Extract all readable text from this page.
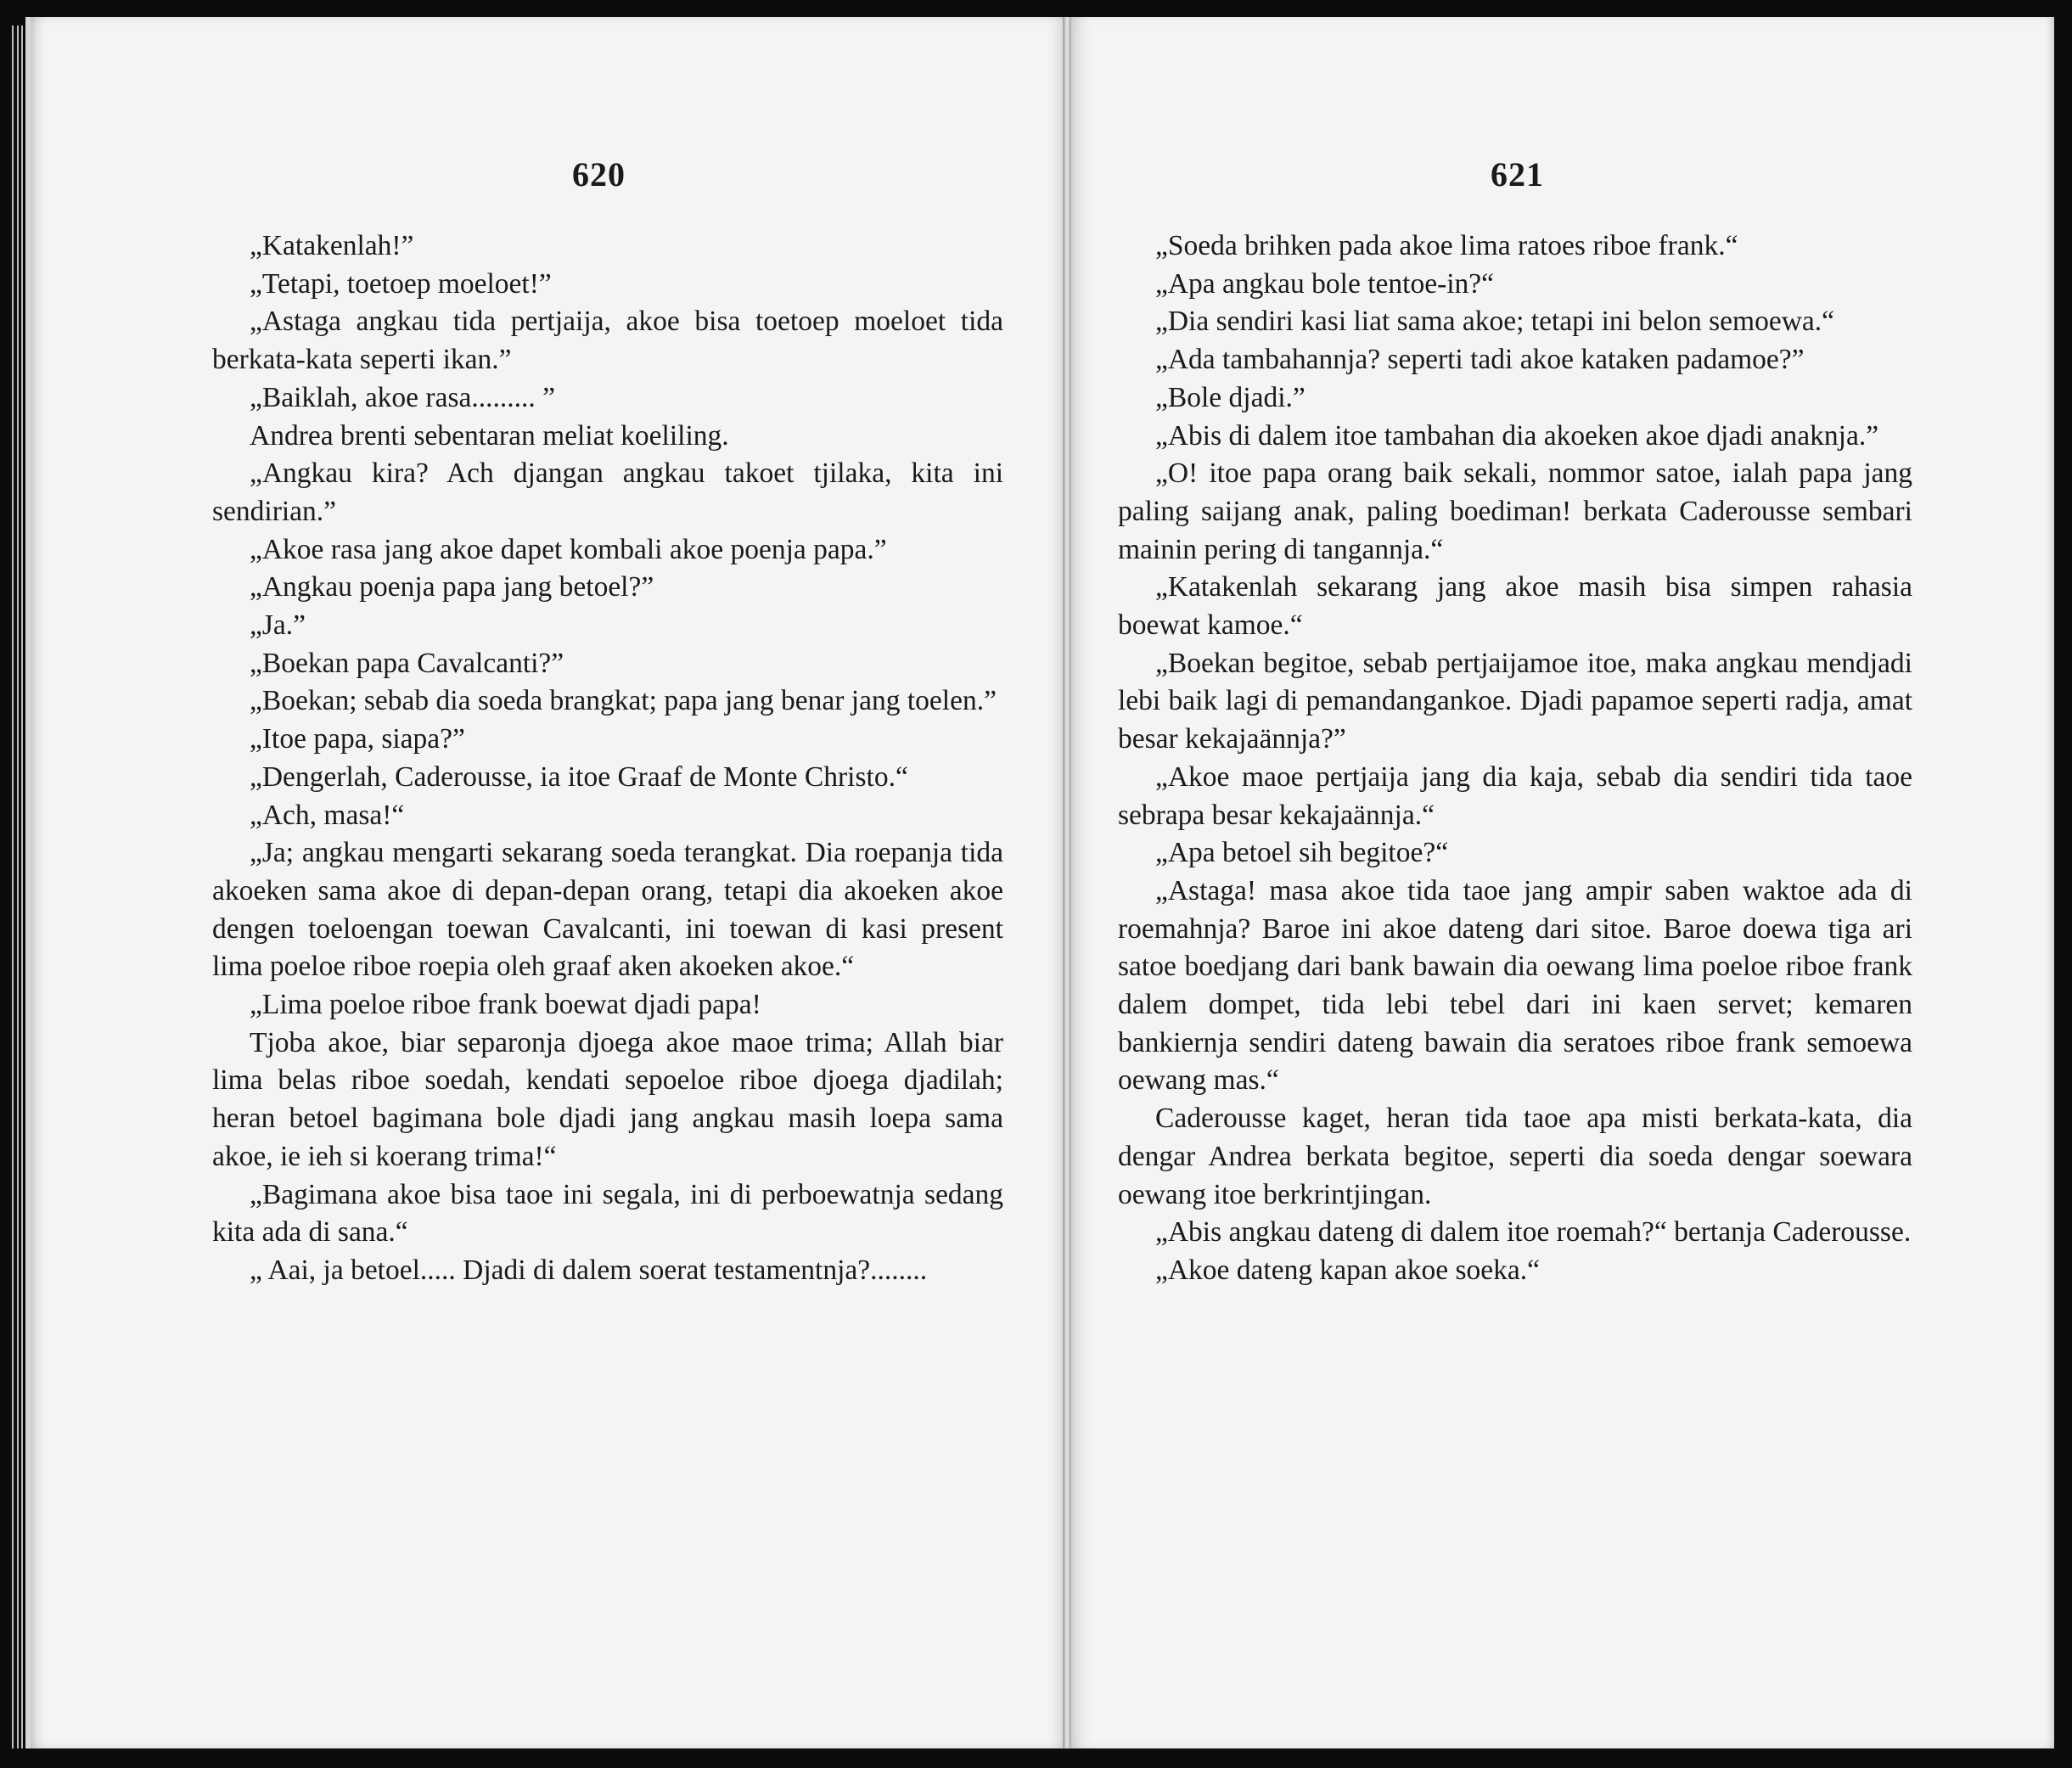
620	621

„Katakenlah!”

„Tetapi, toetoep moeloet!”

„Astaga angkau tida pertjaija, akoe bisa toetoep moeloet tida berkata-kata seperti ikan.”

„Baiklah, akoe rasa......... ”

Andrea brenti sebentaran meliat koeliling.

„Angkau kira? Ach djangan angkau takoet tjilaka, kita ini sendirian.”

„Akoe rasa jang akoe dapet kombali akoe poenja papa.”

„Angkau poenja papa jang betoel?”

„Ja.”

„Boekan papa Cavalcanti?”

„Boekan; sebab dia soeda brangkat; papa jang benar jang toelen.”

„Itoe papa, siapa?”

„Dengerlah, Caderousse, ia itoe Graaf de Monte Christo.“

„Ach, masa!“

„Ja; angkau mengarti sekarang soeda terangkat. Dia roepanja tida akoeken sama akoe di depan-depan orang, tetapi dia akoeken akoe dengen toeloengan toewan Cavalcanti, ini toewan di kasi present lima poeloe riboe roepia oleh graaf aken akoeken akoe.“

„Lima poeloe riboe frank boewat djadi papa!

Tjoba akoe, biar separonja djoega akoe maoe trima; Allah biar lima belas riboe soedah, kendati sepoeloe riboe djoega djadilah; heran betoel bagimana bole djadi jang angkau masih loepa sama akoe, ie ieh si koerang trima!“

„Bagimana akoe bisa taoe ini segala, ini di perboewatnja sedang kita ada di sana.“

„ Aai, ja betoel..... Djadi di dalem soerat testamentnja?........

„Soeda brihken pada akoe lima ratoes riboe frank.“

„Apa angkau bole tentoe-in?“

„Dia sendiri kasi liat sama akoe; tetapi ini belon semoewa.“

„Ada tambahannja? seperti tadi akoe kataken padamoe?”

„Bole djadi.”

„Abis di dalem itoe tambahan dia akoeken akoe djadi anaknja.”

„O! itoe papa orang baik sekali, nommor satoe, ialah papa jang paling saijang anak, paling boediman! berkata Caderousse sembari mainin pering di tangannja.“

„Katakenlah sekarang jang akoe masih bisa simpen rahasia boewat kamoe.“

„Boekan begitoe, sebab pertjaijamoe itoe, maka angkau mendjadi lebi baik lagi di pemandangankoe. Djadi papamoe seperti radja, amat besar kekajaännja?”

„Akoe maoe pertjaija jang dia kaja, sebab dia sendiri tida taoe sebrapa besar kekajaännja.“

„Apa betoel sih begitoe?“

„Astaga! masa akoe tida taoe jang ampir saben waktoe ada di roemahnja? Baroe ini akoe dateng dari sitoe. Baroe doewa tiga ari satoe boedjang dari bank bawain dia oewang lima poeloe riboe frank dalem dompet, tida lebi tebel dari ini kaen servet; kemaren bankiernja sendiri dateng bawain dia seratoes riboe frank semoewa oewang mas.“

Caderousse kaget, heran tida taoe apa misti berkata-kata, dia dengar Andrea berkata begitoe, seperti dia soeda dengar soewara oewang itoe berkrintjingan.

„Abis angkau dateng di dalem itoe roemah?“ bertanja Caderousse.

„Akoe dateng kapan akoe soeka.“
